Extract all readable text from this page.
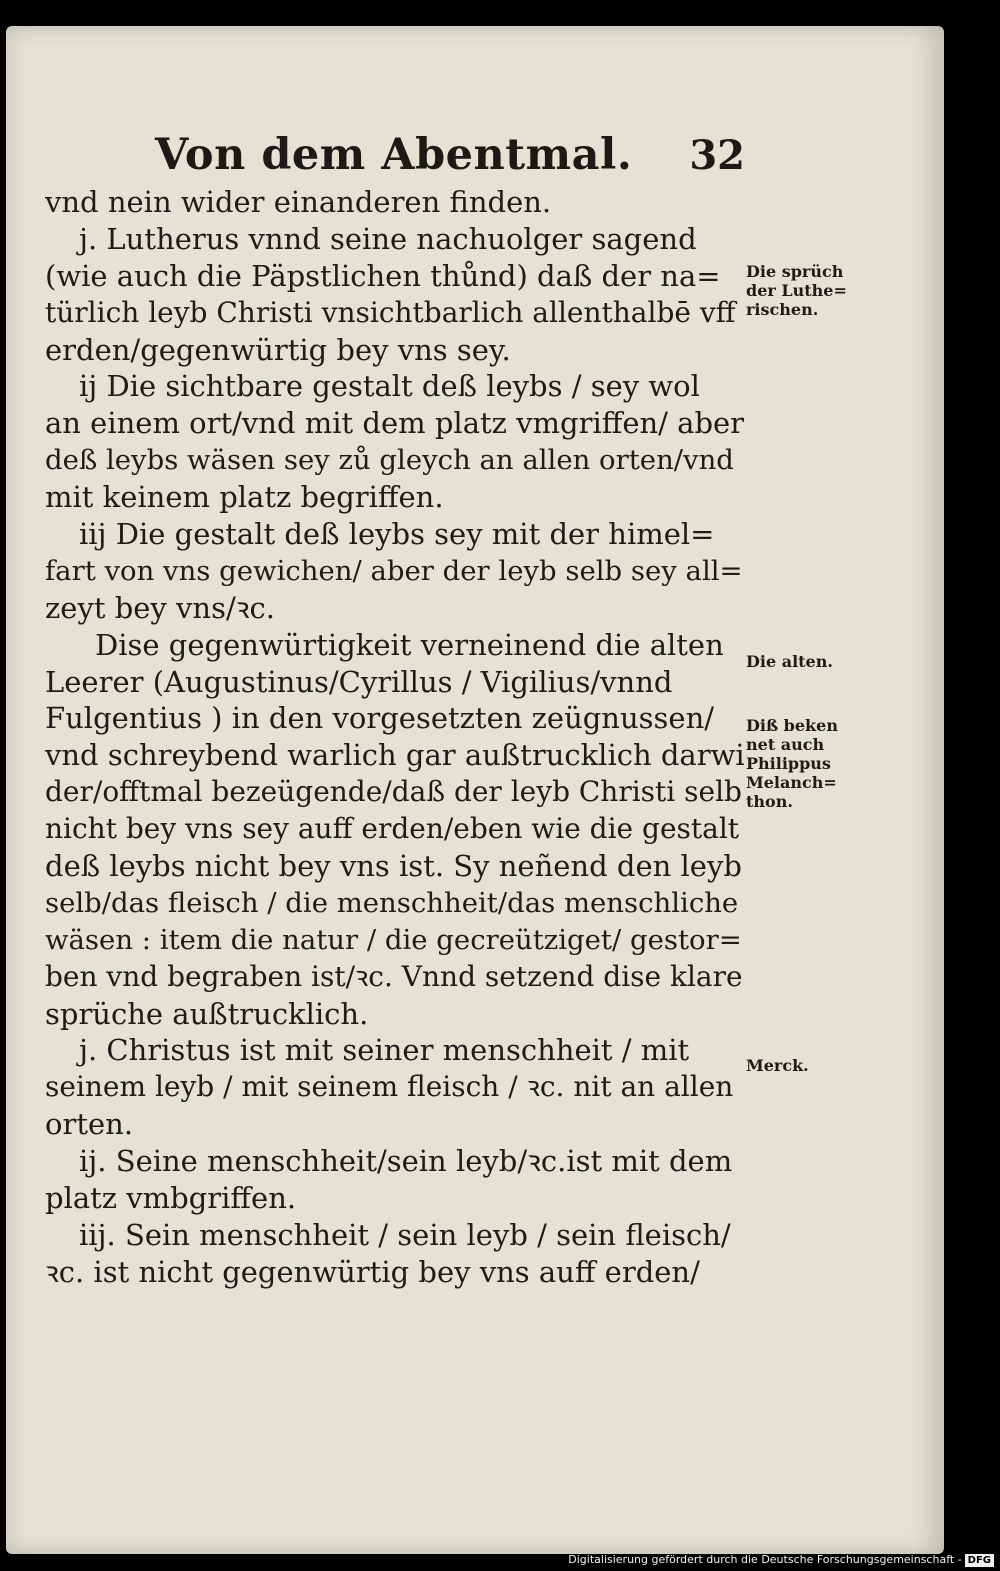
Von dem Abentmal. 32
vnd nein wider einanderen finden.
j. Lutherus vnnd seine nachuolger sagend
(wie auch die Päpstlichen thůnd) daß der na=
türlich leyb Christi vnsichtbarlich allenthalbē vff
erden/gegenwürtig bey vns sey.
ij Die sichtbare gestalt deß leybs / sey wol
an einem ort/vnd mit dem platz vmgriffen/ aber
deß leybs wäsen sey zů gleych an allen orten/vnd
mit keinem platz begriffen.
iij Die gestalt deß leybs sey mit der himel=
fart von vns gewichen/ aber der leyb selb sey all=
zeyt bey vns/ꝛc.
Dise gegenwürtigkeit verneinend die alten
Leerer (Augustinus/Cyrillus / Vigilius/vnnd
Fulgentius ) in den vorgesetzten zeügnussen/
vnd schreybend warlich gar außtrucklich darwi
der/offtmal bezeügende/daß der leyb Christi selb
nicht bey vns sey auff erden/eben wie die gestalt
deß leybs nicht bey vns ist. Sy neñend den leyb
selb/das fleisch / die menschheit/das menschliche
wäsen : item die natur / die gecreütziget/ gestor=
ben vnd begraben ist/ꝛc. Vnnd setzend dise klare
sprüche außtrucklich.
j. Christus ist mit seiner menschheit / mit
seinem leyb / mit seinem fleisch / ꝛc. nit an allen
orten.
ij. Seine menschheit/sein leyb/ꝛc.ist mit dem
platz vmbgriffen.
iij. Sein menschheit / sein leyb / sein fleisch/
ꝛc. ist nicht gegenwürtig bey vns auff erden/
Die sprüch
der Luthe=
rischen.
Die alten.
Diß beken
net auch
Philippus
Melanch=
thon.
Merck.
Digitalisierung gefördert durch die Deutsche Forschungsgemeinschaft - DFG
